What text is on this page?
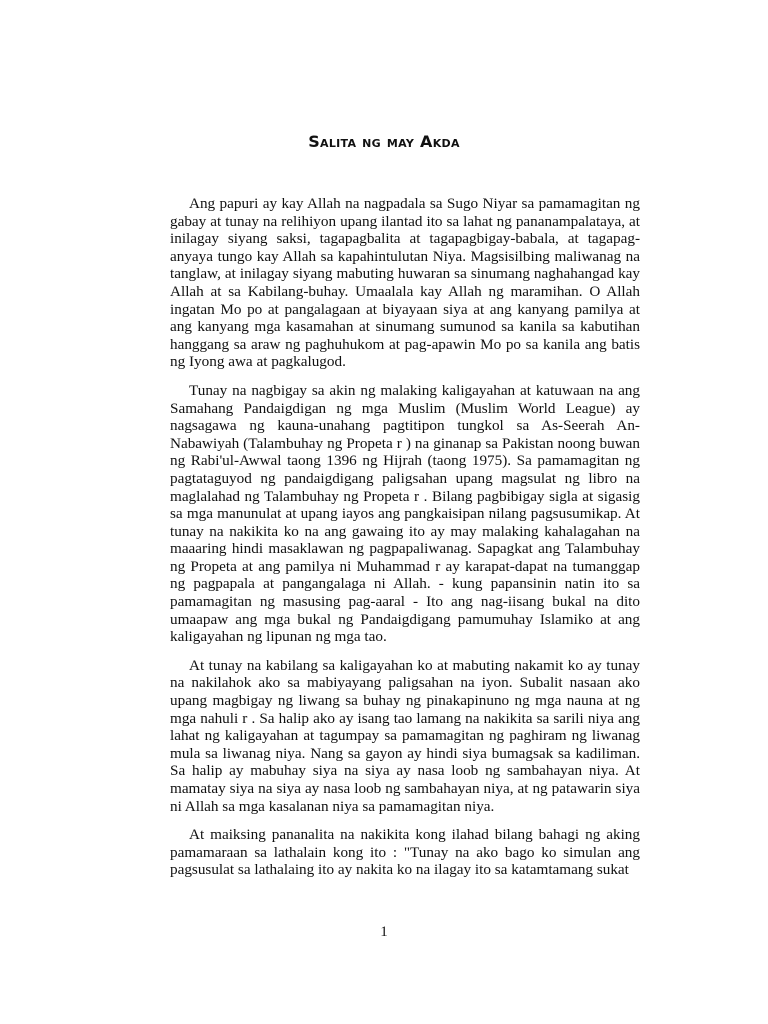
Salita ng may Akda

Ang papuri ay kay Allah na nagpadala sa Sugo Niyar sa pamamagitan ng gabay at tunay na relihiyon upang ilantad ito sa lahat ng pananampalataya, at inilagay siyang saksi, tagapagbalita at tagapagbigay-babala, at tagapag-anyaya tungo kay Allah sa kapahintulutan Niya. Magsisilbing maliwanag na tanglaw, at inilagay siyang mabuting huwaran sa sinumang naghahangad kay Allah at sa Kabilang-buhay. Umaalala kay Allah ng maramihan. O Allah ingatan Mo po at pangalagaan at biyayaan siya at ang kanyang pamilya at ang kanyang mga kasamahan at sinumang sumunod sa kanila sa kabutihan hanggang sa araw ng paghuhukom at pag-apawin Mo po sa kanila ang batis ng Iyong awa at pagkalugod.

Tunay na nagbigay sa akin ng malaking kaligayahan at katuwaan na ang Samahang Pandaigdigan ng mga Muslim (Muslim World League) ay nagsagawa ng kauna-unahang pagtitipon tungkol sa As-Seerah An-Nabawiyah (Talambuhay ng Propeta r ) na ginanap sa Pakistan noong buwan ng Rabi'ul-Awwal taong 1396 ng Hijrah (taong 1975). Sa pamamagitan ng pagtataguyod ng pandaigdigang paligsahan upang magsulat ng libro na maglalahad ng Talambuhay ng Propeta r . Bilang pagbibigay sigla at sigasig sa mga manunulat at upang iayos ang pangkaisipan nilang pagsusumikap. At tunay na nakikita ko na ang gawaing ito ay may malaking kahalagahan na maaaring hindi masaklawan ng pagpapaliwanag. Sapagkat ang Talambuhay ng Propeta at ang pamilya ni Muhammad r ay karapat-dapat na tumanggap ng pagpapala at pangangalaga ni Allah. - kung papansinin natin ito sa pamamagitan ng masusing pag-aaral - Ito ang nag-iisang bukal na dito umaapaw ang mga bukal ng Pandaigdigang pamumuhay Islamiko at ang kaligayahan ng lipunan ng mga tao.

At tunay na kabilang sa kaligayahan ko at mabuting nakamit ko ay tunay na nakilahok ako sa mabiyayang paligsahan na iyon. Subalit nasaan ako upang magbigay ng liwang sa buhay ng pinakapinuno ng mga nauna at ng mga nahuli r . Sa halip ako ay isang tao lamang na nakikita sa sarili niya ang lahat ng kaligayahan at tagumpay sa pamamagitan ng paghiram ng liwanag mula sa liwanag niya. Nang sa gayon ay hindi siya bumagsak sa kadiliman. Sa halip ay mabuhay siya na siya ay nasa loob ng sambahayan niya. At mamatay siya na siya ay nasa loob ng sambahayan niya, at ng patawarin siya ni Allah sa mga kasalanan niya sa pamamagitan niya.

At maiksing pananalita na nakikita kong ilahad bilang bahagi ng aking pamamaraan sa lathalain kong ito : "Tunay na ako bago ko simulan ang pagsusulat sa lathalaing ito ay nakita ko na ilagay ito sa katamtamang sukat

1
